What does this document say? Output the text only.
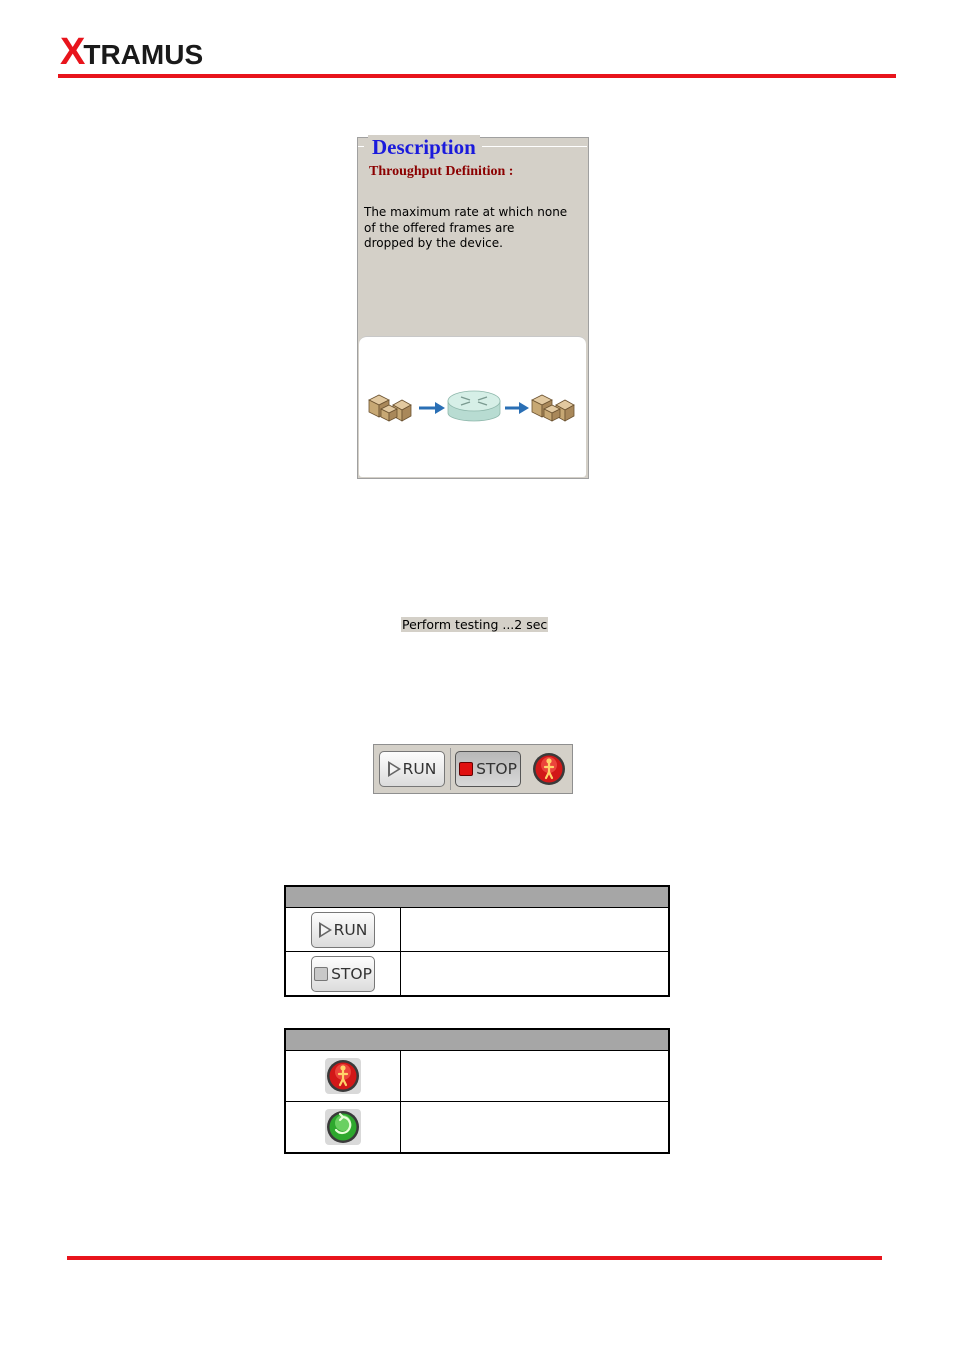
X TRAMUS
Description
Throughput Definition :
The maximum rate at which none
of the offered frames are
dropped by the device.
Perform testing ...2 sec
RUN	STOP

RUN	

STOP	
